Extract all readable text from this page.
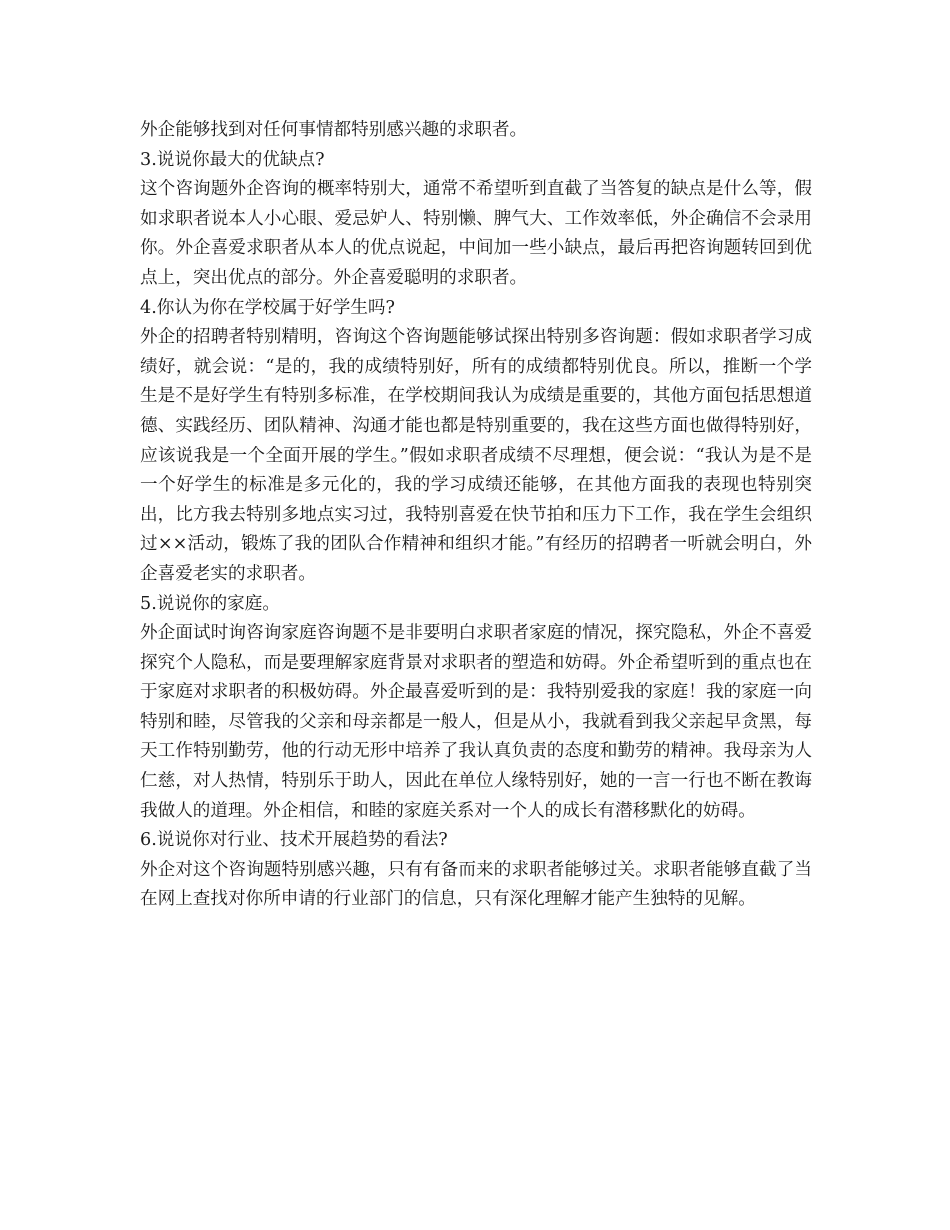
外企能够找到对任何事情都特别感兴趣的求职者。

3.说说你最大的优缺点?

这个咨询题外企咨询的概率特别大，通常不希望听到直截了当答复的缺点是什么等，假如求职者说本人小心眼、爱忌妒人、特别懒、脾气大、工作效率低，外企确信不会录用你。外企喜爱求职者从本人的优点说起，中间加一些小缺点，最后再把咨询题转回到优点上，突出优点的部分。外企喜爱聪明的求职者。

4.你认为你在学校属于好学生吗?

外企的招聘者特别精明，咨询这个咨询题能够试探出特别多咨询题：假如求职者学习成绩好，就会说：“是的，我的成绩特别好，所有的成绩都特别优良。所以，推断一个学生是不是好学生有特别多标准，在学校期间我认为成绩是重要的，其他方面包括思想道德、实践经历、团队精神、沟通才能也都是特别重要的，我在这些方面也做得特别好，应该说我是一个全面开展的学生。”假如求职者成绩不尽理想，便会说：“我认为是不是一个好学生的标准是多元化的，我的学习成绩还能够，在其他方面我的表现也特别突出，比方我去特别多地点实习过，我特别喜爱在快节拍和压力下工作，我在学生会组织过××活动，锻炼了我的团队合作精神和组织才能。”有经历的招聘者一听就会明白，外企喜爱老实的求职者。

5.说说你的家庭。

外企面试时询咨询家庭咨询题不是非要明白求职者家庭的情况，探究隐私，外企不喜爱探究个人隐私，而是要理解家庭背景对求职者的塑造和妨碍。外企希望听到的重点也在于家庭对求职者的积极妨碍。外企最喜爱听到的是：我特别爱我的家庭！我的家庭一向特别和睦，尽管我的父亲和母亲都是一般人，但是从小，我就看到我父亲起早贪黑，每天工作特别勤劳，他的行动无形中培养了我认真负责的态度和勤劳的精神。我母亲为人仁慈，对人热情，特别乐于助人，因此在单位人缘特别好，她的一言一行也不断在教诲我做人的道理。外企相信，和睦的家庭关系对一个人的成长有潜移默化的妨碍。

6.说说你对行业、技术开展趋势的看法?

外企对这个咨询题特别感兴趣，只有有备而来的求职者能够过关。求职者能够直截了当在网上查找对你所申请的行业部门的信息，只有深化理解才能产生独特的见解。
